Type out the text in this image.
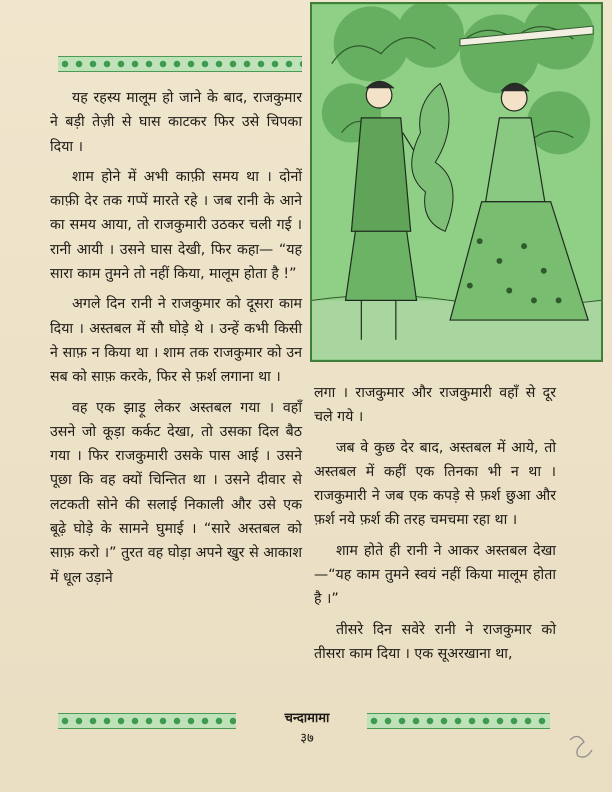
यह रहस्य मालूम हो जाने के बाद, राजकुमार ने बड़ी तेज़ी से घास काटकर फिर उसे चिपका दिया ।

शाम होने में अभी काफ़ी समय था । दोनों काफ़ी देर तक गप्पें मारते रहे । जब रानी के आने का समय आया, तो राजकुमारी उठकर चली गई । रानी आयी । उसने घास देखी, फिर कहा— “यह सारा काम तुमने तो नहीं किया, मालूम होता है !”

अगले दिन रानी ने राजकुमार को दूसरा काम दिया । अस्तबल में सौ घोड़े थे । उन्हें कभी किसी ने साफ़ न किया था । शाम तक राजकुमार को उन सब को साफ़ करके, फिर से फ़र्श लगाना था ।

वह एक झाड़ू लेकर अस्तबल गया । वहाँ उसने जो कूड़ा कर्कट देखा, तो उसका दिल बैठ गया । फिर राजकुमारी उसके पास आई । उसने पूछा कि वह क्यों चिन्तित था । उसने दीवार से लटकती सोने की सलाई निकाली और उसे एक बूढ़े घोड़े के सामने घुमाई । “सारे अस्तबल को साफ़ करो ।” तुरत वह घोड़ा अपने खुर से आकाश में धूल उड़ाने

लगा । राजकुमार और राजकुमारी वहाँ से दूर चले गये ।

जब वे कुछ देर बाद, अस्तबल में आये, तो अस्तबल में कहीं एक तिनका भी न था । राजकुमारी ने जब एक कपड़े से फ़र्श छुआ और फ़र्श नये फ़र्श की तरह चमचमा रहा था ।

शाम होते ही रानी ने आकर अस्तबल देखा—“यह काम तुमने स्वयं नहीं किया मालूम होता है ।”

तीसरे दिन सवेरे रानी ने राजकुमार को तीसरा काम दिया । एक सूअरखाना था,

चन्दामामा
३७
